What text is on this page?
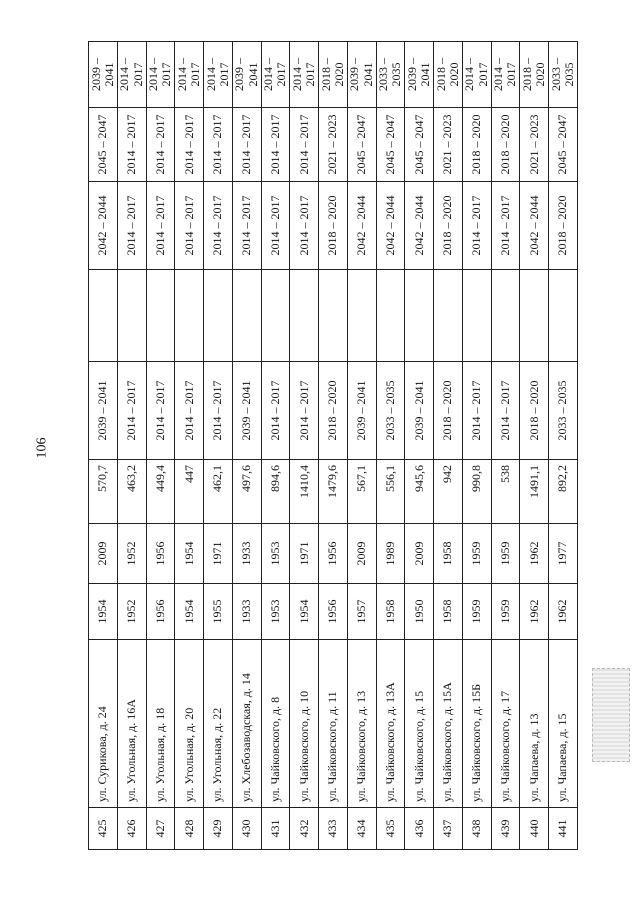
106
425	ул. Сурикова, д. 24	1954	2009	570,7	2039 – 2041		2042 – 2044	2045 – 2047	2039 – 2041
426	ул. Угольная, д. 16А	1952	1952	463,2	2014 – 2017		2014 – 2017	2014 – 2017	2014 – 2017
427	ул. Угольная, д. 18	1956	1956	449,4	2014 – 2017		2014 – 2017	2014 – 2017	2014 – 2017
428	ул. Угольная, д. 20	1954	1954	447	2014 – 2017		2014 – 2017	2014 – 2017	2014 – 2017
429	ул. Угольная, д. 22	1955	1971	462,1	2014 – 2017		2014 – 2017	2014 – 2017	2014 – 2017
430	ул. Хлебозаводская, д. 14	1933	1933	497,6	2039 – 2041		2014 – 2017	2014 – 2017	2039 – 2041
431	ул. Чайковского, д. 8	1953	1953	894,6	2014 – 2017		2014 – 2017	2014 – 2017	2014 – 2017
432	ул. Чайковского, д. 10	1954	1971	1410,4	2014 – 2017		2014 – 2017	2014 – 2017	2014 – 2017
433	ул. Чайковского, д. 11	1956	1956	1479,6	2018 – 2020		2018 – 2020	2021 – 2023	2018 – 2020
434	ул. Чайковского, д. 13	1957	2009	567,1	2039 – 2041		2042 – 2044	2045 – 2047	2039 – 2041
435	ул. Чайковского, д. 13А	1958	1989	556,1	2033 – 2035		2042 – 2044	2045 – 2047	2033 – 2035
436	ул. Чайковского, д. 15	1950	2009	945,6	2039 – 2041		2042 – 2044	2045 – 2047	2039 – 2041
437	ул. Чайковского, д. 15А	1958	1958	942	2018 – 2020		2018 – 2020	2021 – 2023	2018 – 2020
438	ул. Чайковского, д. 15Б	1959	1959	990,8	2014 – 2017		2014 – 2017	2018 – 2020	2014 – 2017
439	ул. Чайковского, д. 17	1959	1959	538	2014 – 2017		2014 – 2017	2018 – 2020	2014 – 2017
440	ул. Чапаева, д. 13	1962	1962	1491,1	2018 – 2020		2042 – 2044	2021 – 2023	2018 – 2020
441	ул. Чапаева, д. 15	1962	1977	892,2	2033 – 2035		2018 – 2020	2045 – 2047	2033 – 2035
